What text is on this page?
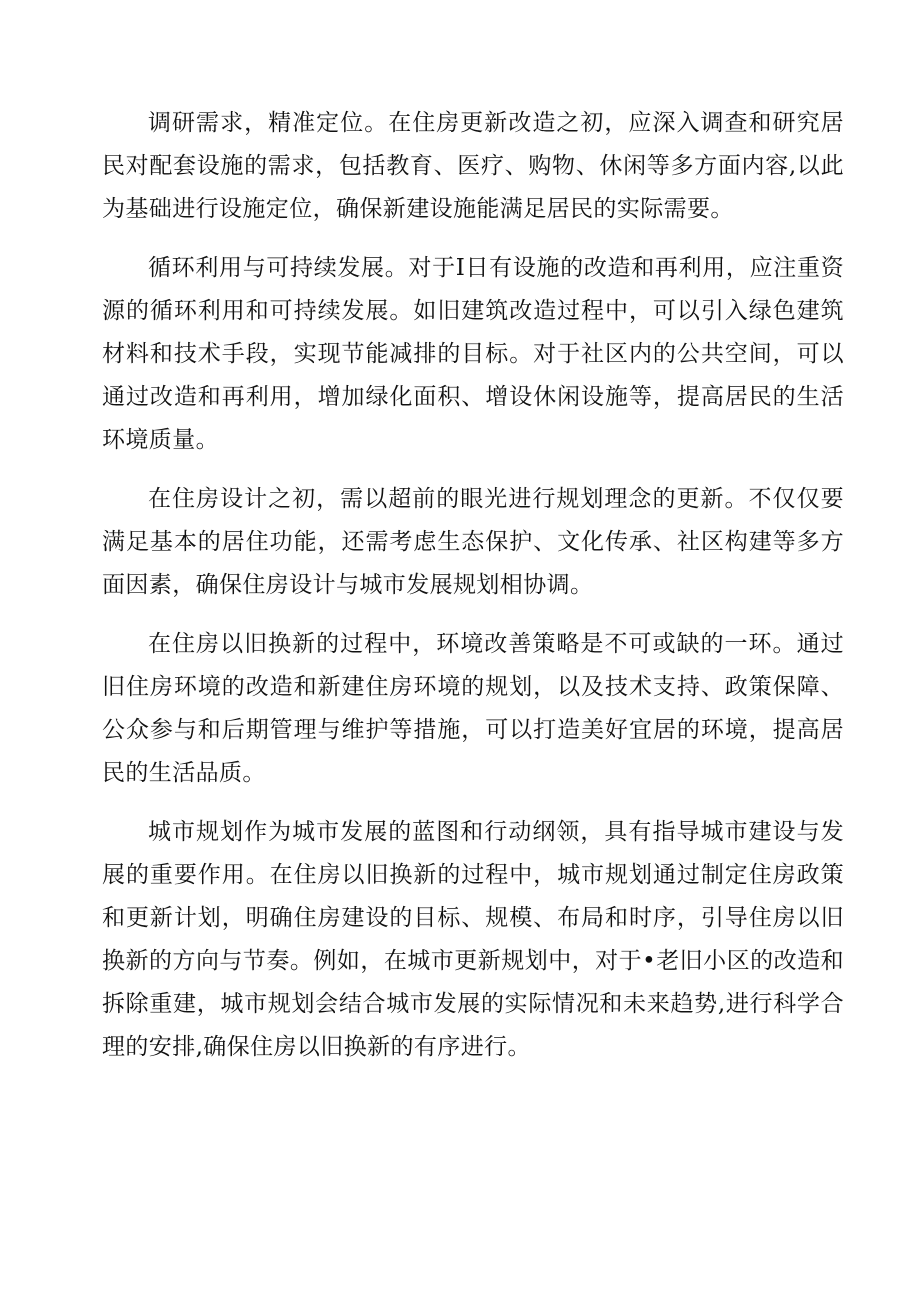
调研需求，精准定位。在住房更新改造之初，应深入调查和研究居民对配套设施的需求，包括教育、医疗、购物、休闲等多方面内容,以此为基础进行设施定位，确保新建设施能满足居民的实际需要。

循环利用与可持续发展。对于I日有设施的改造和再利用，应注重资源的循环利用和可持续发展。如旧建筑改造过程中，可以引入绿色建筑材料和技术手段，实现节能减排的目标。对于社区内的公共空间，可以通过改造和再利用，增加绿化面积、增设休闲设施等，提高居民的生活环境质量。

在住房设计之初，需以超前的眼光进行规划理念的更新。不仅仅要满足基本的居住功能，还需考虑生态保护、文化传承、社区构建等多方面因素，确保住房设计与城市发展规划相协调。

在住房以旧换新的过程中，环境改善策略是不可或缺的一环。通过旧住房环境的改造和新建住房环境的规划，以及技术支持、政策保障、公众参与和后期管理与维护等措施，可以打造美好宜居的环境，提高居民的生活品质。

城市规划作为城市发展的蓝图和行动纲领，具有指导城市建设与发展的重要作用。在住房以旧换新的过程中，城市规划通过制定住房政策和更新计划，明确住房建设的目标、规模、布局和时序，引导住房以旧换新的方向与节奏。例如，在城市更新规划中，对于•老旧小区的改造和拆除重建，城市规划会结合城市发展的实际情况和未来趋势,进行科学合理的安排,确保住房以旧换新的有序进行。
